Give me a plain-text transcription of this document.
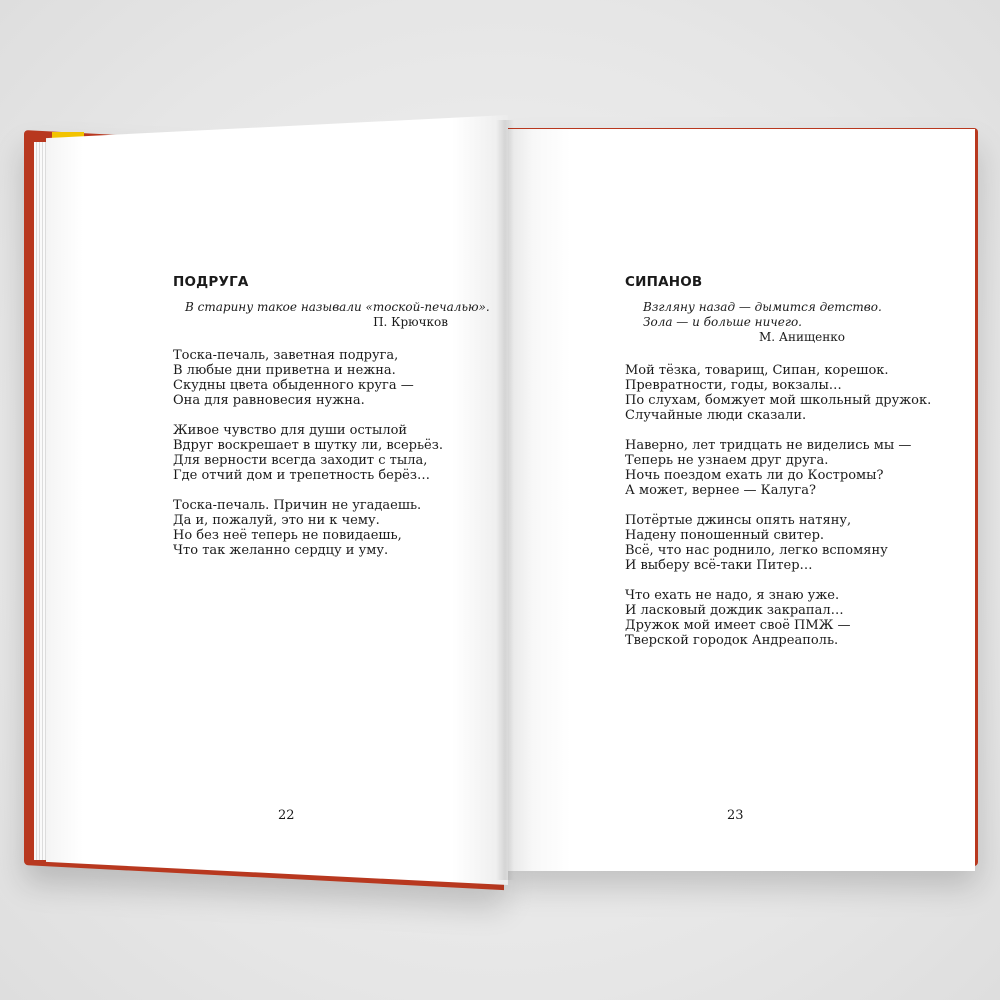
ПОДРУГА
В старину такое называли «тоской-печалью».
П. Крючков
Тоска-печаль, заветная подруга,
В любые дни приветна и нежна.
Скудны цвета обыденного круга —
Она для равновесия нужна.
Живое чувство для души остылой
Вдруг воскрешает в шутку ли, всерьёз.
Для верности всегда заходит с тыла,
Где отчий дом и трепетность берёз…
Тоска-печаль. Причин не угадаешь.
Да и, пожалуй, это ни к чему.
Но без неё теперь не повидаешь,
Что так желанно сердцу и уму.
22
СИПАНОВ
Взгляну назад — дымится детство.
Зола — и больше ничего.
М. Анищенко
Мой тёзка, товарищ, Сипан, корешок.
Превратности, годы, вокзалы…
По слухам, бомжует мой школьный дружок.
Случайные люди сказали.
Наверно, лет тридцать не виделись мы —
Теперь не узнаем друг друга.
Ночь поездом ехать ли до Костромы?
А может, вернее — Калуга?
Потёртые джинсы опять натяну,
Надену поношенный свитер.
Всё, что нас роднило, легко вспомяну
И выберу всё-таки Питер…
Что ехать не надо, я знаю уже.
И ласковый дождик закрапал…
Дружок мой имеет своё ПМЖ —
Тверской городок Андреаполь.
23
